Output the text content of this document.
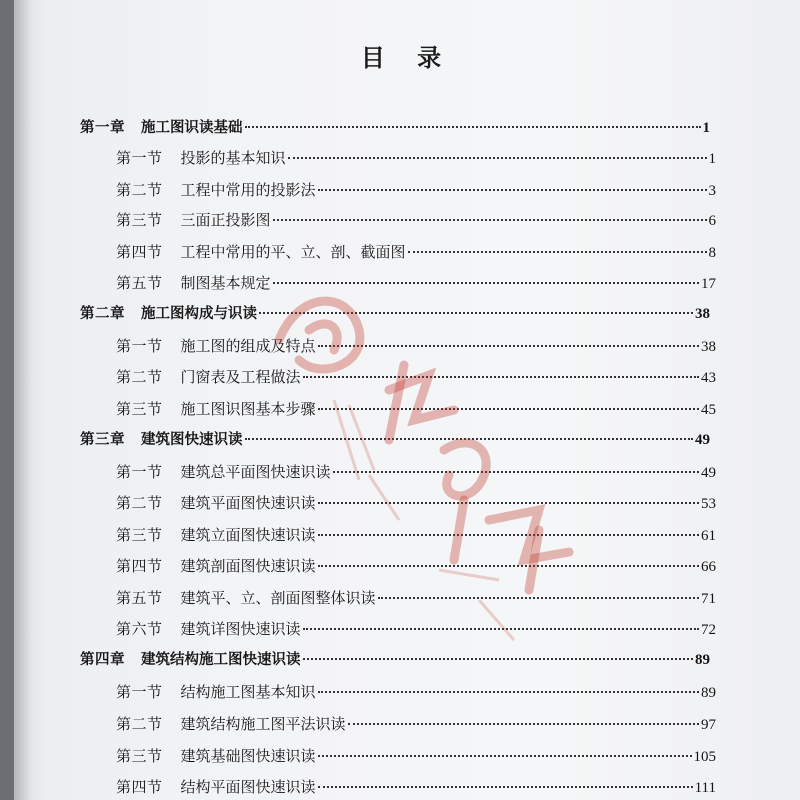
目 录
第一章 施工图识读基础	1
第一节 投影的基本知识	1
第二节 工程中常用的投影法	3
第三节 三面正投影图	6
第四节 工程中常用的平、立、剖、截面图	8
第五节 制图基本规定	17
第二章 施工图构成与识读	38
第一节 施工图的组成及特点	38
第二节 门窗表及工程做法	43
第三节 施工图识图基本步骤	45
第三章 建筑图快速识读	49
第一节 建筑总平面图快速识读	49
第二节 建筑平面图快速识读	53
第三节 建筑立面图快速识读	61
第四节 建筑剖面图快速识读	66
第五节 建筑平、立、剖面图整体识读	71
第六节 建筑详图快速识读	72
第四章 建筑结构施工图快速识读	89
第一节 结构施工图基本知识	89
第二节 建筑结构施工图平法识读	97
第三节 建筑基础图快速识读	105
第四节 结构平面图快速识读	111
